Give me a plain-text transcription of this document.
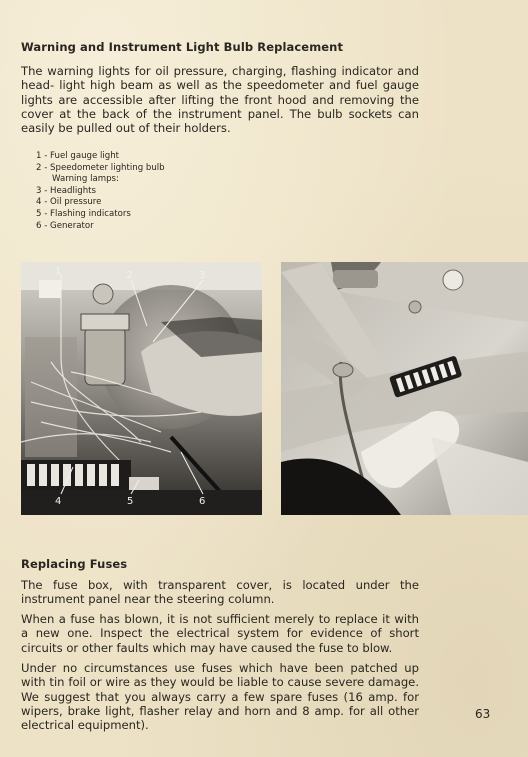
Warning and Instrument Light Bulb Replacement

The warning lights for oil pressure, charging, flashing indicator and head- light high beam as well as the speedometer and fuel gauge lights are accessible after lifting the front hood and removing the cover at the back of the instrument panel. The bulb sockets can easily be pulled out of their holders.

1 - Fuel gauge light
2 - Speedometer lighting bulb
Warning lamps:
3 - Headlights
4 - Oil pressure
5 - Flashing indicators
6 - Generator
1	2	3
4	5	6
Replacing Fuses

The fuse box, with transparent cover, is located under the instrument panel near the steering column.

When a fuse has blown, it is not sufficient merely to replace it with a new one. Inspect the electrical system for evidence of short circuits or other faults which may have caused the fuse to blow.

Under no circumstances use fuses which have been patched up with tin foil or wire as they would be liable to cause severe damage. We suggest that you always carry a few spare fuses (16 amp. for wipers, brake light, flasher relay and horn and 8 amp. for all other electrical equipment).

63
